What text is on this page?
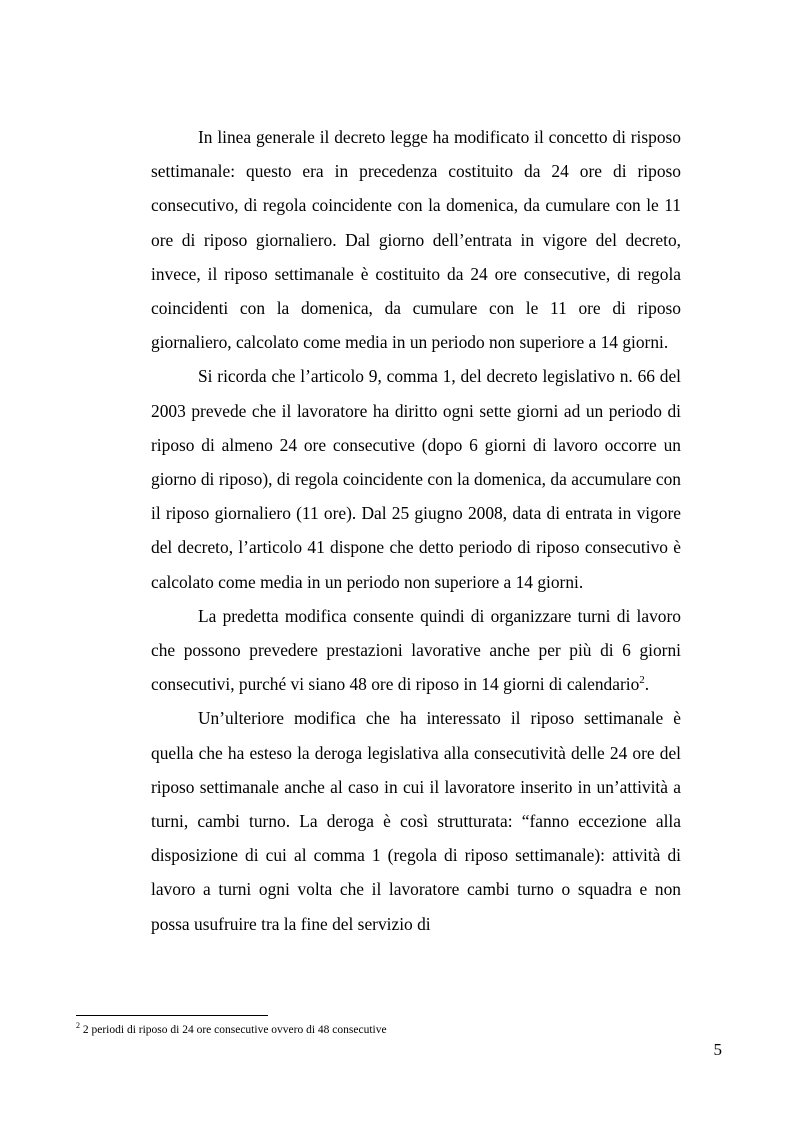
In linea generale il decreto legge ha modificato il concetto di risposo settimanale: questo era in precedenza costituito da 24 ore di riposo consecutivo, di regola coincidente con la domenica, da cumulare con le 11 ore di riposo giornaliero. Dal giorno dell’entrata in vigore del decreto, invece, il riposo settimanale è costituito da 24 ore consecutive, di regola coincidenti con la domenica, da cumulare con le 11 ore di riposo giornaliero, calcolato come media in un periodo non superiore a 14 giorni.

Si ricorda che l’articolo 9, comma 1, del decreto legislativo n. 66 del 2003 prevede che il lavoratore ha diritto ogni sette giorni ad un periodo di riposo di almeno 24 ore consecutive (dopo 6 giorni di lavoro occorre un giorno di riposo), di regola coincidente con la domenica, da accumulare con il riposo giornaliero (11 ore). Dal 25 giugno 2008, data di entrata in vigore del decreto, l’articolo 41 dispone che detto periodo di riposo consecutivo è calcolato come media in un periodo non superiore a 14 giorni.

La predetta modifica consente quindi di organizzare turni di lavoro che possono prevedere prestazioni lavorative anche per più di 6 giorni consecutivi, purché vi siano 48 ore di riposo in 14 giorni di calendario$^2$.

Un’ulteriore modifica che ha interessato il riposo settimanale è quella che ha esteso la deroga legislativa alla consecutività delle 24 ore del riposo settimanale anche al caso in cui il lavoratore inserito in un’attività a turni, cambi turno. La deroga è così strutturata: “fanno eccezione alla disposizione di cui al comma 1 (regola di riposo settimanale): attività di lavoro a turni ogni volta che il lavoratore cambi turno o squadra e non possa usufruire tra la fine del servizio di

$^2$ 2 periodi di riposo di 24 ore consecutive ovvero di 48 consecutive
5
